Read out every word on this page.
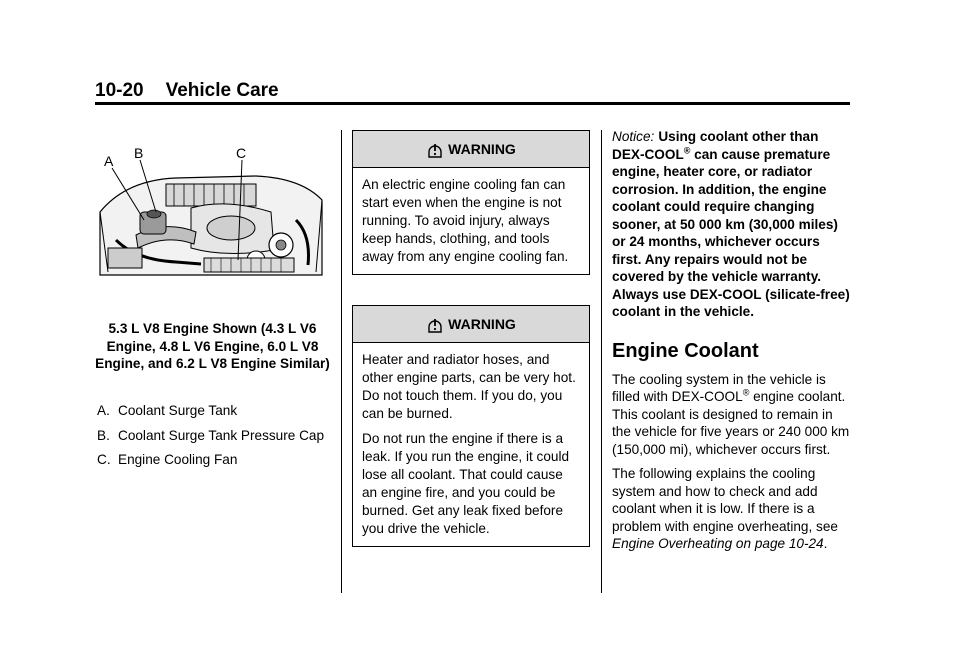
10-20 Vehicle Care
A B	C
5.3 L V8 Engine Shown (4.3 L V6 Engine, 4.8 L V6 Engine, 6.0 L V8 Engine, and 6.2 L V8 Engine Similar)
A. Coolant Surge Tank
B. Coolant Surge Tank Pressure Cap
C. Engine Cooling Fan
WARNING

An electric engine cooling fan can start even when the engine is not running. To avoid injury, always keep hands, clothing, and tools away from any engine cooling fan.

WARNING

Heater and radiator hoses, and other engine parts, can be very hot. Do not touch them. If you do, you can be burned.

Do not run the engine if there is a leak. If you run the engine, it could lose all coolant. That could cause an engine fire, and you could be burned. Get any leak fixed before you drive the vehicle.

Notice: Using coolant other than DEX-COOL® can cause premature engine, heater core, or radiator corrosion. In addition, the engine coolant could require changing sooner, at 50 000 km (30,000 miles) or 24 months, whichever occurs first. Any repairs would not be covered by the vehicle warranty. Always use DEX-COOL (silicate-free) coolant in the vehicle.

Engine Coolant

The cooling system in the vehicle is filled with DEX-COOL® engine coolant. This coolant is designed to remain in the vehicle for five years or 240 000 km (150,000 mi), whichever occurs first.

The following explains the cooling system and how to check and add coolant when it is low. If there is a problem with engine overheating, see Engine Overheating on page 10-24.
